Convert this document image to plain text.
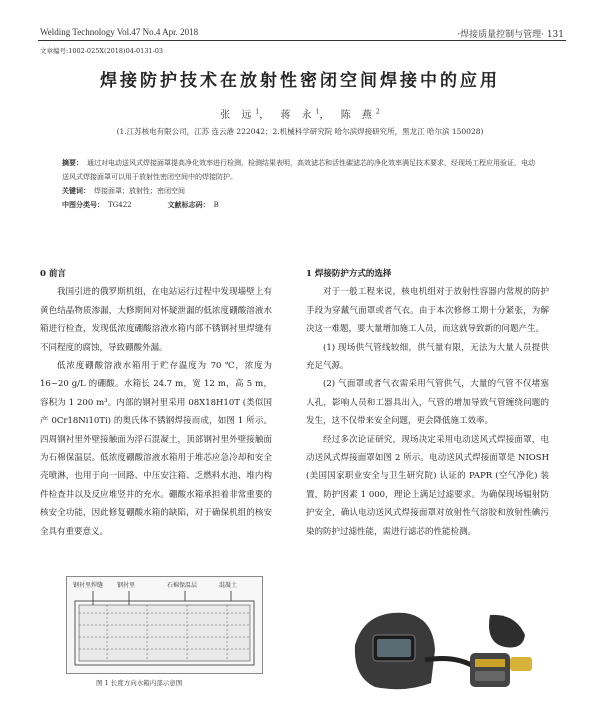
Welding Technology Vol.47 No.4 Apr. 2018	·焊接质量控制与管理· 131
文章编号:1002-025X(2018)04-0131-03
焊接防护技术在放射性密闭空间焊接中的应用
张 远$^1$， 蒋 永$^1$， 陈 燕$^2$
(1.江苏核电有限公司，江苏 连云港 222042；2.机械科学研究院 哈尔滨焊接研究所，黑龙江 哈尔滨 150028)
摘要： 通过对电动送风式焊接面罩提高净化效率进行检测，检测结果表明，高效滤芯和活性碳滤芯的净化效率满足技术要求，经现场工程应用验证，电动送风式焊接面罩可以用于放射性密闭空间中的焊接防护。
关键词： 焊接面罩；放射性；密闭空间
中图分类号： TG422	文献标志码： B

0 前言

我国引进的俄罗斯机组，在电站运行过程中发现墙壁上有黄色结晶物质渗漏，大修期间对怀疑泄漏的低浓度硼酸溶液水箱进行检查，发现低浓度硼酸溶液水箱内部不锈钢衬里焊缝有不同程度的腐蚀，导致硼酸外漏。

低浓度硼酸溶液水箱用于贮存温度为 70 ℃，浓度为16~20 g/L 的硼酸。水箱长 24.7 m，宽 12 m，高 5 m，容积为 1 200 m³。内部的钢衬里采用 08X18H10T (类似国产 0Cr18Ni10Ti) 的奥氏体不锈钢焊接而成，如图 1 所示。四周钢衬里外壁接触面为浮石混凝土，顶部钢衬里外壁接触面为石棉保温层。低浓度硼酸溶液水箱用于堆芯应急冷却和安全壳喷淋，也用于向一回路、中压安注箱、乏燃料水池、堆内构件检查井以及反应堆竖井的充水。硼酸水箱承担着非常重要的核安全功能，因此修复硼酸水箱的缺陷，对于确保机组的核安全具有重要意义。

1 焊接防护方式的选择

对于一般工程来说，核电机组对于放射性容器内常规的防护手段为穿戴气面罩或者气衣。由于本次修修工期十分紧张，为解决这一难题，要大量增加施工人员，而这就导致新的问题产生。

(1) 现场供气管线较细，供气量有限，无法为大量人员提供充足气源。

(2) 气面罩或者气衣需采用气管供气，大量的气管不仅堵塞人孔，影响人员和工器具出入，气管的增加导致气管缠绕问题的发生，这不仅带来安全问题，更会降低施工效率。

经过多次论证研究，现场决定采用电动送风式焊接面罩，电动送风式焊接面罩如图 2 所示。电动送风式焊接面罩是 NIOSH (美国国家职业安全与卫生研究院) 认证的 PAPR (空气净化) 装置，防护因素 1 000，理论上满足过滤要求。为确保现场辐射防护安全，确认电动送风式焊接面罩对放射性气溶胶和放射性碘污染的防护过滤性能，需进行滤芯的性能检测。

钢衬里焊缝 钢衬里	石棉保温层	混凝土
图 1 长度方向水箱内部示意图
